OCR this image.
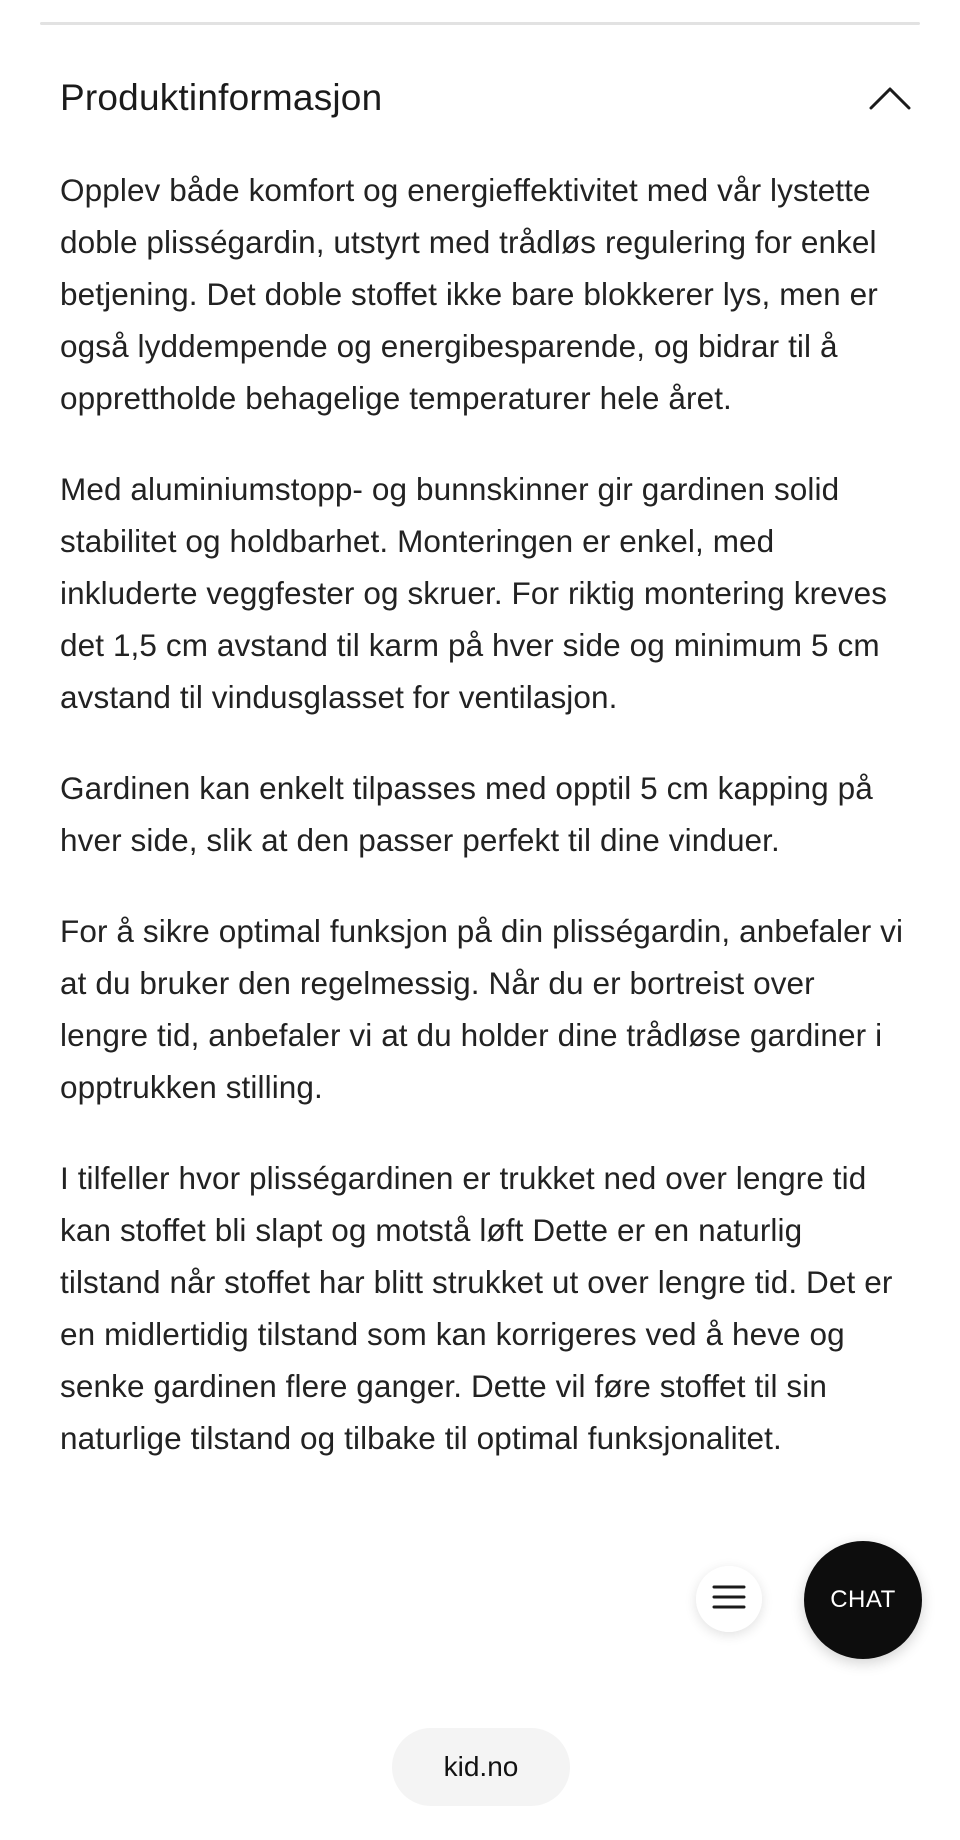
Produktinformasjon

Opplev både komfort og energieffektivitet med vår lystette doble plisségardin, utstyrt med trådløs regulering for enkel betjening. Det doble stoffet ikke bare blokkerer lys, men er også lyddempende og energibesparende, og bidrar til å opprettholde behagelige temperaturer hele året.

Med aluminiumstopp- og bunnskinner gir gardinen solid stabilitet og holdbarhet. Monteringen er enkel, med inkluderte veggfester og skruer. For riktig montering kreves det 1,5 cm avstand til karm på hver side og minimum 5 cm avstand til vindusglasset for ventilasjon.

Gardinen kan enkelt tilpasses med opptil 5 cm kapping på hver side, slik at den passer perfekt til dine vinduer.

For å sikre optimal funksjon på din plisségardin, anbefaler vi at du bruker den regelmessig. Når du er bortreist over lengre tid, anbefaler vi at du holder dine trådløse gardiner i opptrukken stilling.

I tilfeller hvor plisségardinen er trukket ned over lengre tid kan stoffet bli slapt og motstå løft Dette er en naturlig tilstand når stoffet har blitt strukket ut over lengre tid. Det er en midlertidig tilstand som kan korrigeres ved å heve og senke gardinen flere ganger. Dette vil føre stoffet til sin naturlige tilstand og tilbake til optimal funksjonalitet.

CHAT
kid.no
